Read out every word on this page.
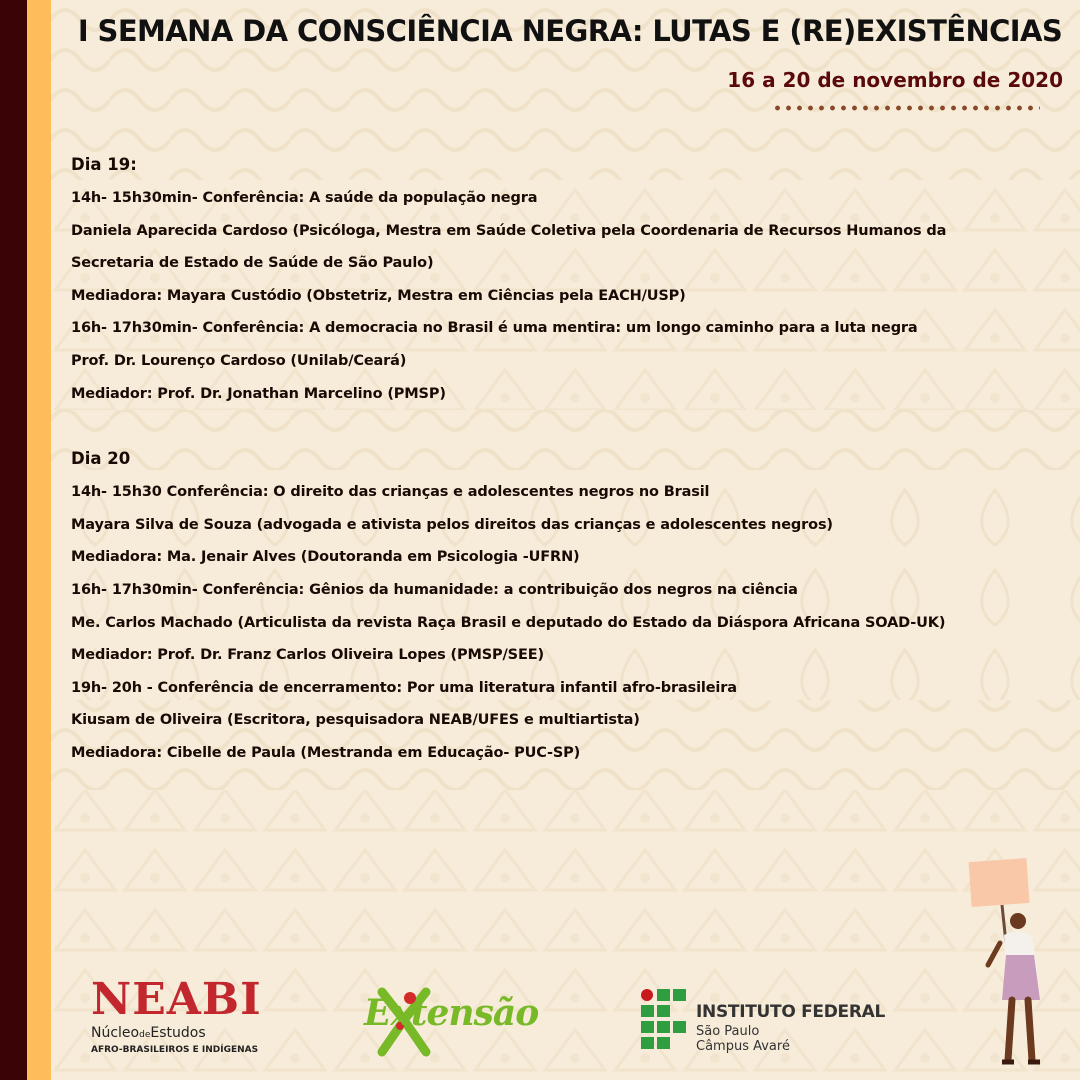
I SEMANA DA CONSCIÊNCIA NEGRA: LUTAS E (RE)EXISTÊNCIAS
16 a 20 de novembro de 2020
Dia 19:
14h- 15h30min- Conferência: A saúde da população negra
Daniela Aparecida Cardoso (Psicóloga, Mestra em Saúde Coletiva pela Coordenaria de Recursos Humanos da
Secretaria de Estado de Saúde de São Paulo)
Mediadora: Mayara Custódio (Obstetriz, Mestra em Ciências pela EACH/USP)
16h- 17h30min- Conferência: A democracia no Brasil é uma mentira: um longo caminho para a luta negra
Prof. Dr. Lourenço Cardoso (Unilab/Ceará)
Mediador: Prof. Dr. Jonathan Marcelino (PMSP)
Dia 20
14h- 15h30 Conferência: O direito das crianças e adolescentes negros no Brasil
Mayara Silva de Souza (advogada e ativista pelos direitos das crianças e adolescentes negros)
Mediadora: Ma. Jenair Alves (Doutoranda em Psicologia -UFRN)
16h- 17h30min- Conferência: Gênios da humanidade: a contribuição dos negros na ciência
Me. Carlos Machado (Articulista da revista Raça Brasil e deputado do Estado da Diáspora Africana SOAD-UK)
Mediador: Prof. Dr. Franz Carlos Oliveira Lopes (PMSP/SEE)
19h- 20h - Conferência de encerramento: Por uma literatura infantil afro-brasileira
Kiusam de Oliveira (Escritora, pesquisadora NEAB/UFES e multiartista)
Mediadora: Cibelle de Paula (Mestranda em Educação- PUC-SP)
NEABI
NúcleodeEstudos
AFRO-BRASILEIROS E INDÍGENAS
Extensão	INSTITUTO FEDERAL
São Paulo
Câmpus Avaré
